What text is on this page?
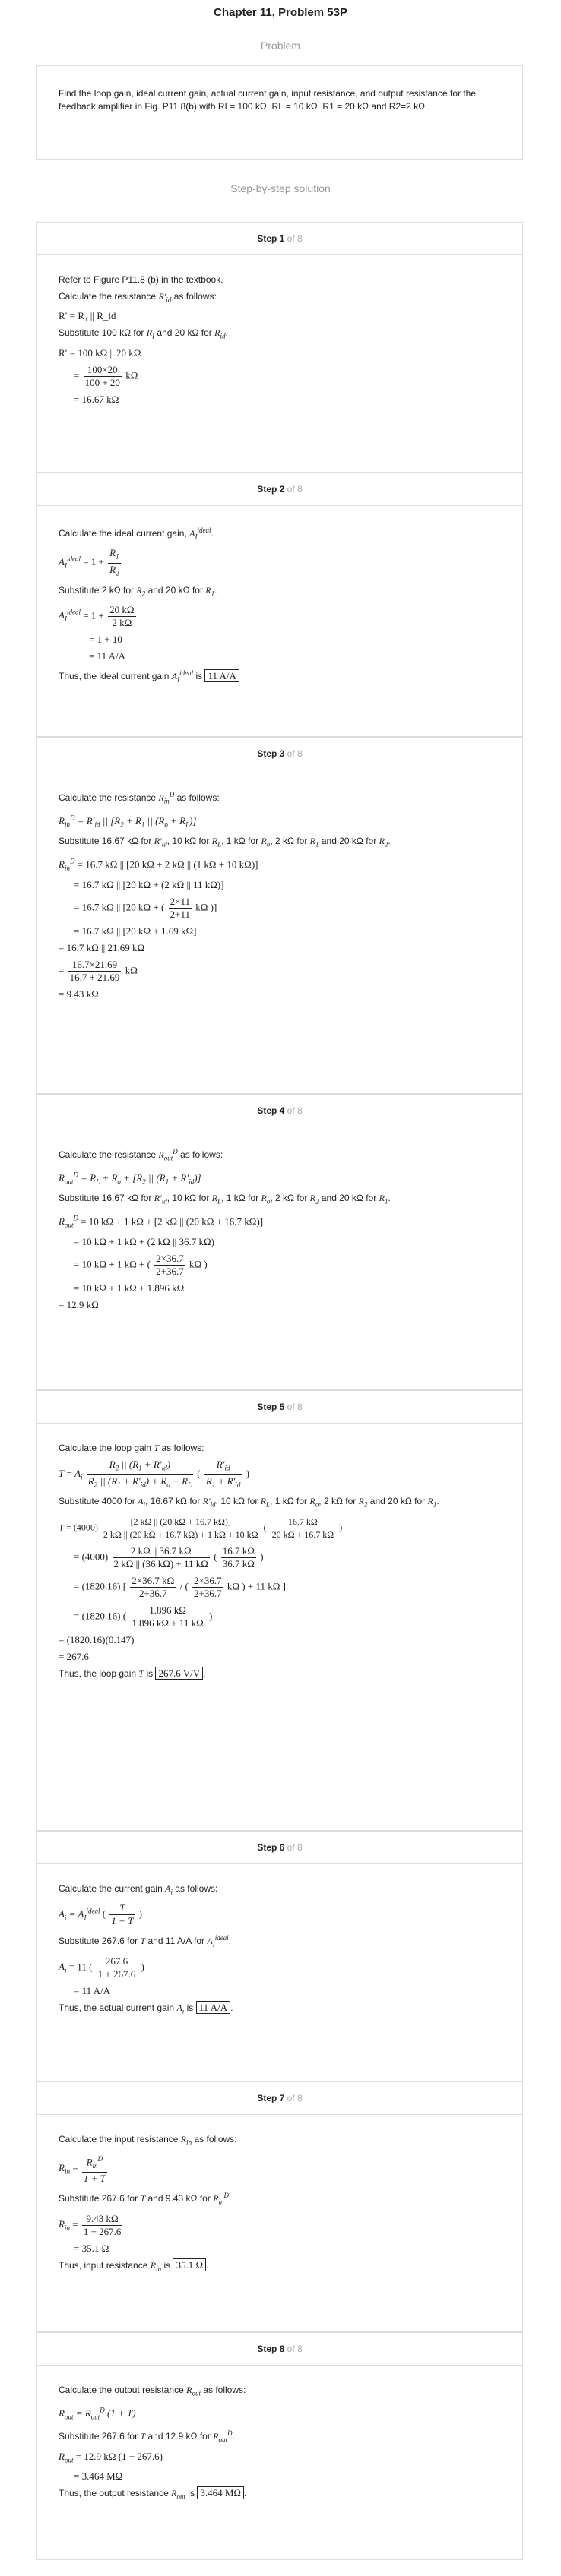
Chapter 11, Problem 53P
Problem
Find the loop gain, ideal current gain, actual current gain, input resistance, and output resistance for the feedback amplifier in Fig. P11.8(b) with RI = 100 kΩ, RL = 10 kΩ, R1 = 20 kΩ and R2=2 kΩ.
Step-by-step solution
Step 1 of 8
Refer to Figure P11.8 (b) in the textbook.
Calculate the resistance $R'_{id}$ as follows:
R′ = R₁ || R_id
Substitute 100 kΩ for $R_I$ and 20 kΩ for $R_{id}$.
R′ = 100 kΩ || 20 kΩ
= $\frac{100\times 20}{100 + 20}$ kΩ
= 16.67 kΩ
Step 2 of 8
Calculate the ideal current gain, $A_I^{ideal}$.
$A_I^{ideal} = 1 + \frac{R_1}{R_2}$
Substitute 2 kΩ for $R_2$ and 20 kΩ for $R_1$.
$A_I^{ideal} = 1 + \frac{20 k\Omega}{2 k\Omega}$
= 1 + 10
= 11 A/A
Thus, the ideal current gain $A_I^{ideal}$ is 11 A/A
Step 3 of 8
Calculate the resistance $R_{in}^D$ as follows:
$R_{in}^D = R'_{id}$ || [$R_2 + R_1$ || $(R_o + R_L)$]
Substitute 16.67 kΩ for $R'_{id}$, 10 kΩ for $R_L$, 1 kΩ for $R_o$, 2 kΩ for $R_1$ and 20 kΩ for $R_2$.
$R_{in}^D = 16.7$ kΩ || [20 kΩ + 2 kΩ || (1 kΩ + 10 kΩ)]
= 16.7 kΩ || [20 kΩ + (2 kΩ || 11 kΩ)]
= 16.7 kΩ || [20 kΩ + ( $\frac{2\times 11}{2+11}$ kΩ )]
= 16.7 kΩ || [20 kΩ + 1.69 kΩ]
= 16.7 kΩ || 21.69 kΩ
= $\frac{16.7\times 21.69}{16.7 + 21.69}$ kΩ
= 9.43 kΩ
Step 4 of 8
Calculate the resistance $R_{out}^D$ as follows:
$R_{out}^D = R_L + R_o + [R_2$ || $(R_1 + R'_{id})$]
Substitute 16.67 kΩ for $R'_{id}$, 10 kΩ for $R_L$, 1 kΩ for $R_o$, 2 kΩ for $R_2$ and 20 kΩ for $R_1$.
$R_{out}^D = 10$ kΩ + 1 kΩ + [2 kΩ || (20 kΩ + 16.7 kΩ)]
= 10 kΩ + 1 kΩ + (2 kΩ || 36.7 kΩ)
= 10 kΩ + 1 kΩ + ( $\frac{2\times 36.7}{2+36.7}$ kΩ )
= 10 kΩ + 1 kΩ + 1.896 kΩ
= 12.9 kΩ
Step 5 of 8
Calculate the loop gain T as follows:
$T = A_i \frac{R_2 || (R_1 + R'_{id})}{R_2 || (R_1 + R'_{id}) + R_o + R_L}$ ( $\frac{R'_{id}}{R_1 + R'_{id}}$ )
Substitute 4000 for $A_i$, 16.67 kΩ for $R'_{id}$, 10 kΩ for $R_L$, 1 kΩ for $R_o$, 2 kΩ for $R_2$ and 20 kΩ for $R_1$.
$T = (4000) \frac{[2 k\Omega || (20 k\Omega + 16.7 k\Omega)]}{2 k\Omega || (20 k\Omega + 16.7 k\Omega) + 1 k\Omega + 10 k\Omega}$ ( $\frac{16.7 k\Omega}{20 k\Omega + 16.7 k\Omega}$ )
= $(4000) \frac{2 k\Omega || 36.7 k\Omega}{2 k\Omega || (36 k\Omega) + 11 k\Omega}$ ( $\frac{16.7 k\Omega}{36.7 k\Omega}$ )
= (1820.16) [ $\frac{2\times 36.7 k\Omega}{2+36.7}$ / ( $\frac{2\times 36.7}{2+36.7}$ kΩ ) + 11 kΩ ]
= (1820.16) ( $\frac{1.896 k\Omega}{1.896 k\Omega + 11 k\Omega}$ )
= (1820.16)(0.147)
= 267.6
Thus, the loop gain T is 267.6 V/V .
Step 6 of 8
Calculate the current gain $A_i$ as follows:
$A_i = A_I^{ideal}$ ( $\frac{T}{1 + T}$ )
Substitute 267.6 for T and 11 A/A for $A_I^{ideal}$.
$A_i = 11$ ( $\frac{267.6}{1 + 267.6}$ )
= 11 A/A
Thus, the actual current gain $A_i$ is 11 A/A .
Step 7 of 8
Calculate the input resistance $R_{in}$ as follows:
$R_{in} = \frac{R_{in}^D}{1 + T}$
Substitute 267.6 for T and 9.43 kΩ for $R_{in}^D$.
$R_{in} = \frac{9.43 k\Omega}{1 + 267.6}$
= 35.1 Ω
Thus, input resistance $R_{in}$ is 35.1 Ω .
Step 8 of 8
Calculate the output resistance $R_{out}$ as follows:
$R_{out} = R_{out}^D$ (1 + T)
Substitute 267.6 for T and 12.9 kΩ for $R_{out}^D$.
$R_{out} = 12.9$ kΩ (1 + 267.6)
= 3.464 MΩ
Thus, the output resistance $R_{out}$ is 3.464 MΩ .
